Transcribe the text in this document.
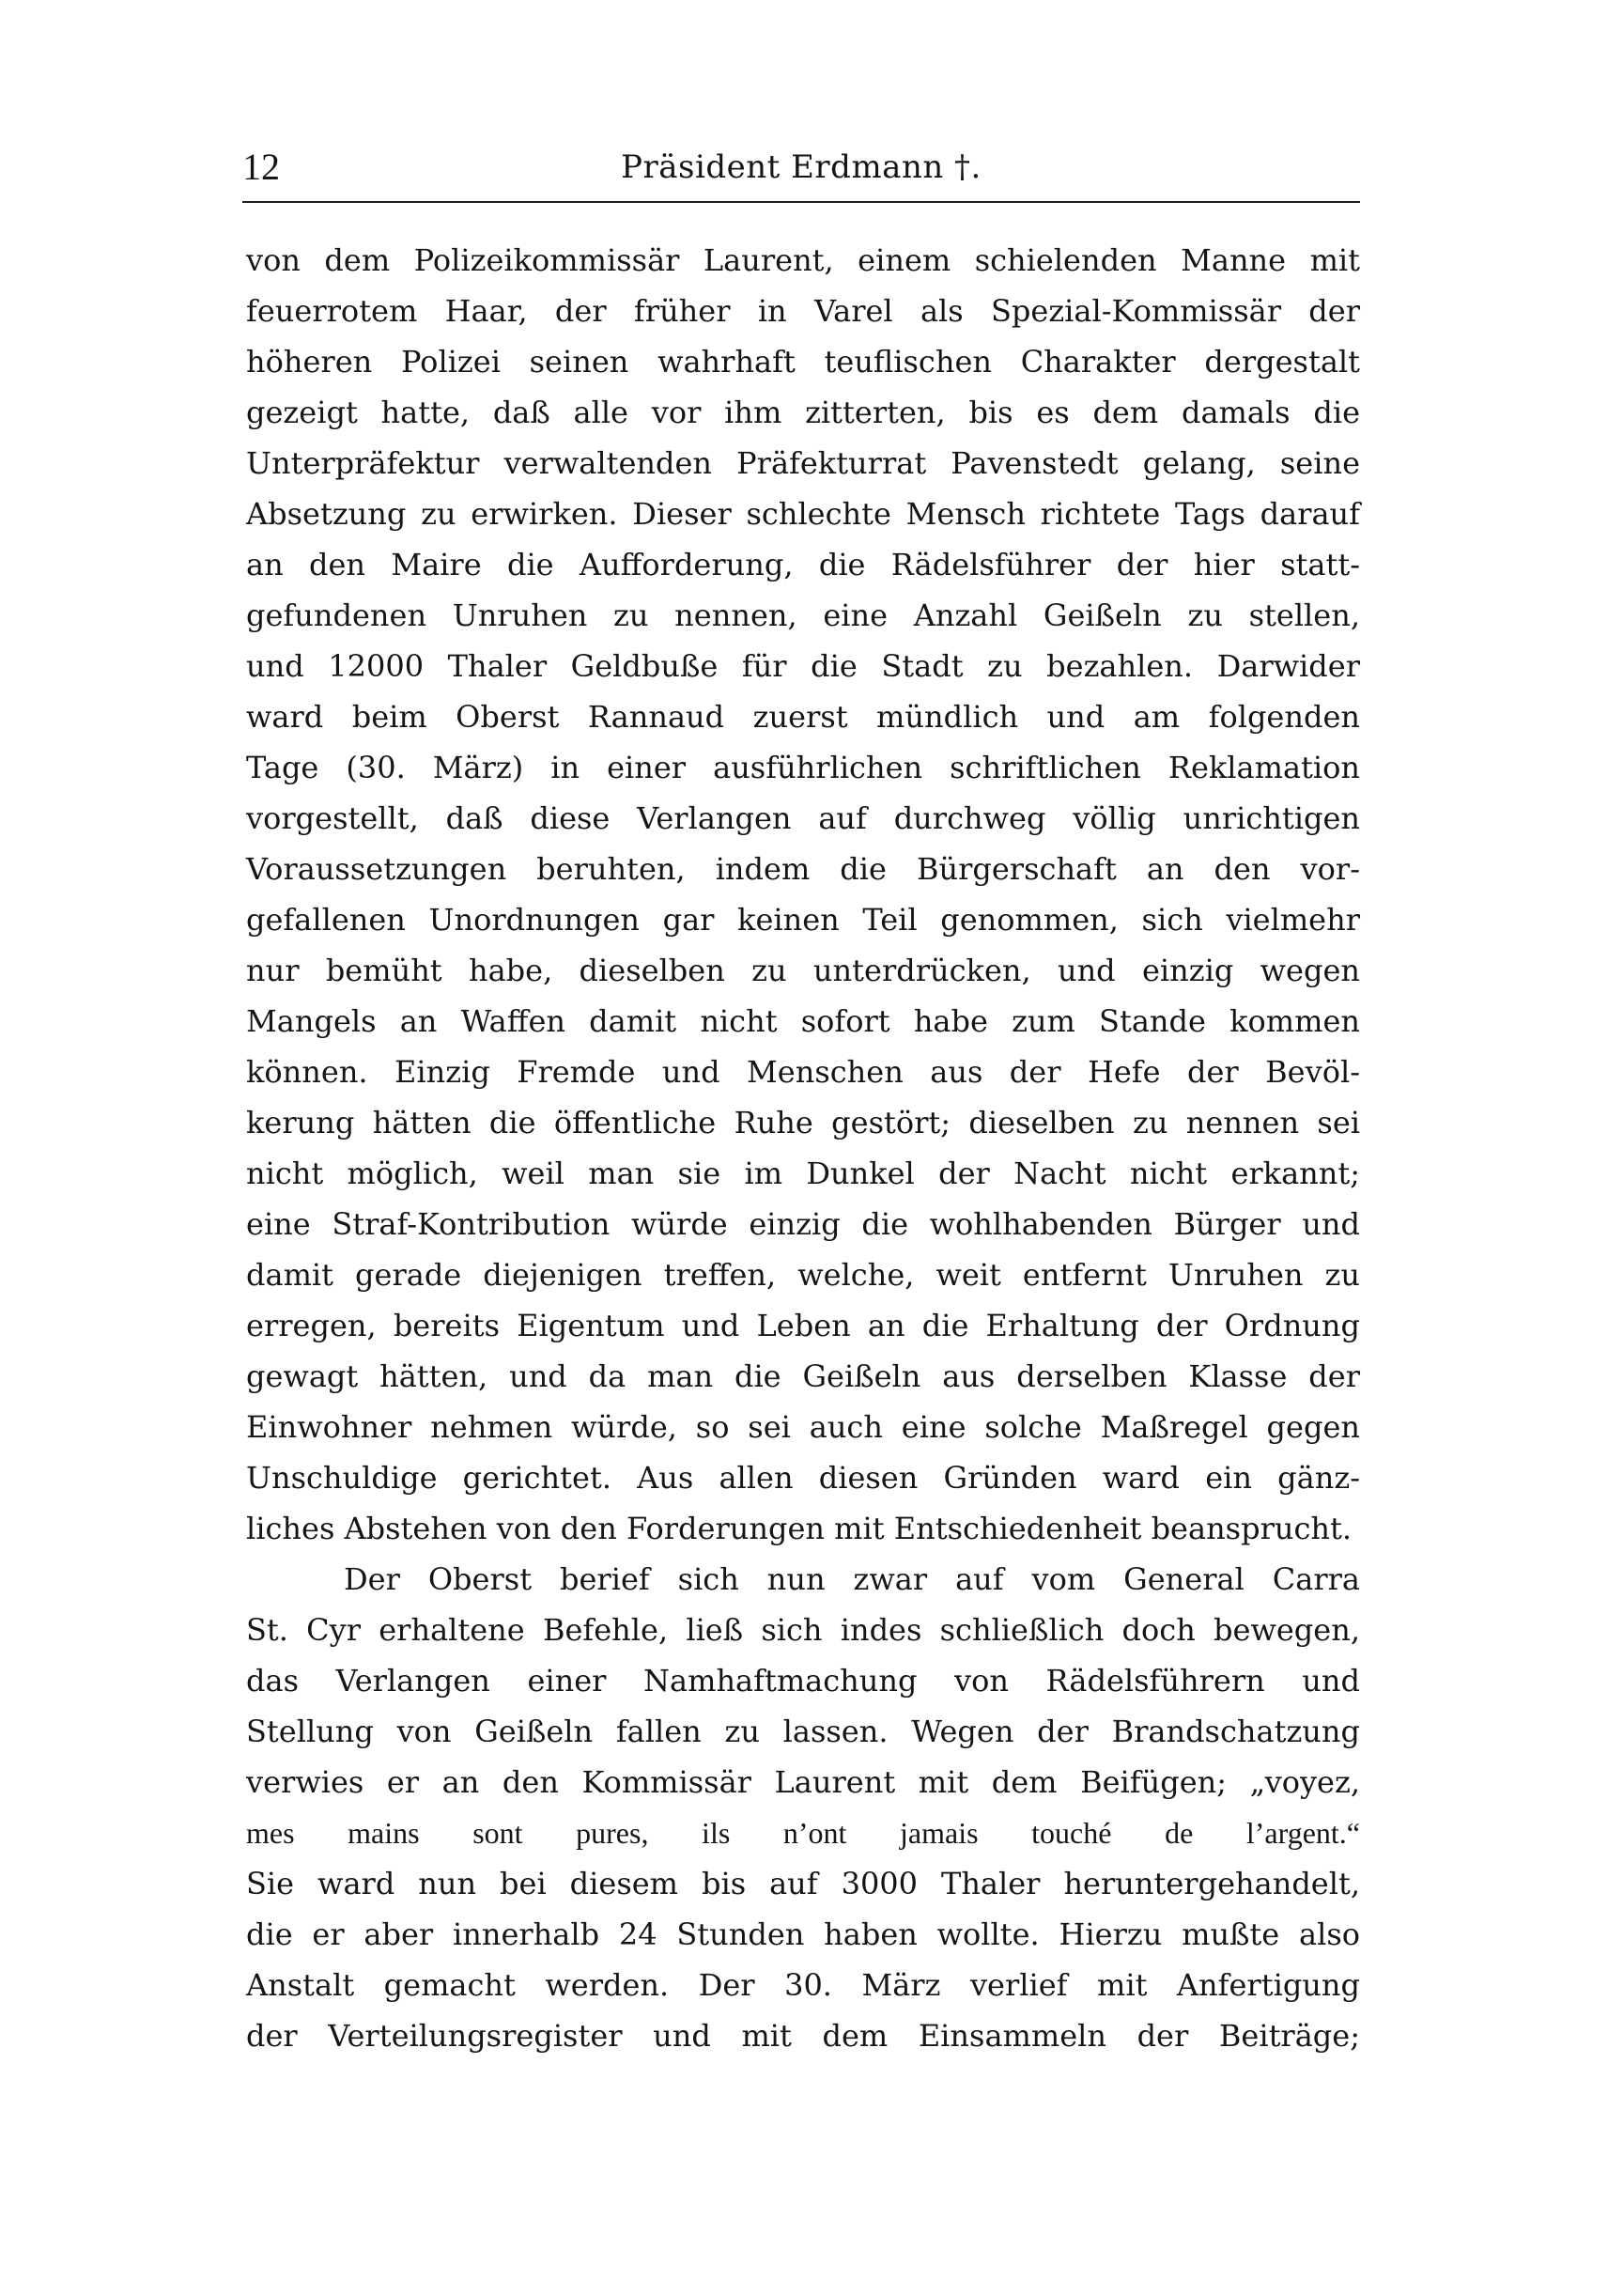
12	Präsident Erdmann †.
von dem Polizeikommissär Laurent, einem schielenden Manne mit
feuerrotem Haar, der früher in Varel als Spezial-Kommissär der
höheren Polizei seinen wahrhaft teuflischen Charakter dergestalt
gezeigt hatte, daß alle vor ihm zitterten, bis es dem damals die
Unterpräfektur verwaltenden Präfekturrat Pavenstedt gelang, seine
Absetzung zu erwirken. Dieser schlechte Mensch richtete Tags darauf
an den Maire die Aufforderung, die Rädelsführer der hier statt-
gefundenen Unruhen zu nennen, eine Anzahl Geißeln zu stellen,
und 12000 Thaler Geldbuße für die Stadt zu bezahlen. Darwider
ward beim Oberst Rannaud zuerst mündlich und am folgenden
Tage (30. März) in einer ausführlichen schriftlichen Reklamation
vorgestellt, daß diese Verlangen auf durchweg völlig unrichtigen
Voraussetzungen beruhten, indem die Bürgerschaft an den vor-
gefallenen Unordnungen gar keinen Teil genommen, sich vielmehr
nur bemüht habe, dieselben zu unterdrücken, und einzig wegen
Mangels an Waffen damit nicht sofort habe zum Stande kommen
können. Einzig Fremde und Menschen aus der Hefe der Bevöl-
kerung hätten die öffentliche Ruhe gestört; dieselben zu nennen sei
nicht möglich, weil man sie im Dunkel der Nacht nicht erkannt;
eine Straf-Kontribution würde einzig die wohlhabenden Bürger und
damit gerade diejenigen treffen, welche, weit entfernt Unruhen zu
erregen, bereits Eigentum und Leben an die Erhaltung der Ordnung
gewagt hätten, und da man die Geißeln aus derselben Klasse der
Einwohner nehmen würde, so sei auch eine solche Maßregel gegen
Unschuldige gerichtet. Aus allen diesen Gründen ward ein gänz-
liches Abstehen von den Forderungen mit Entschiedenheit beansprucht.
Der Oberst berief sich nun zwar auf vom General Carra
St. Cyr erhaltene Befehle, ließ sich indes schließlich doch bewegen,
das Verlangen einer Namhaftmachung von Rädelsführern und
Stellung von Geißeln fallen zu lassen. Wegen der Brandschatzung
verwies er an den Kommissär Laurent mit dem Beifügen; „voyez,
mes mains sont pures, ils n’ont jamais touché de l’argent.“
Sie ward nun bei diesem bis auf 3000 Thaler heruntergehandelt,
die er aber innerhalb 24 Stunden haben wollte. Hierzu mußte also
Anstalt gemacht werden. Der 30. März verlief mit Anfertigung
der Verteilungsregister und mit dem Einsammeln der Beiträge;
